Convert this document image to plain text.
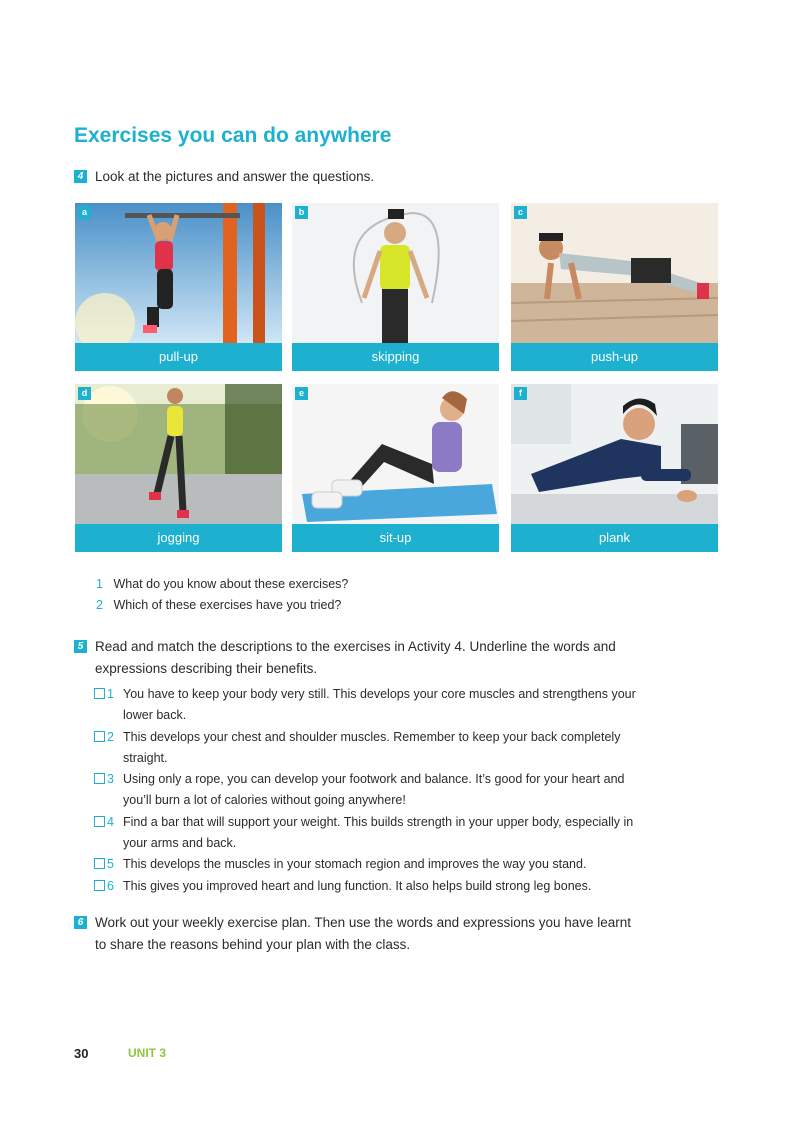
Exercises you can do anywhere
4 Look at the pictures and answer the questions.
a
pull-up
b
skipping
c
push-up
d
jogging
e
sit-up
f
plank
1 What do you know about these exercises?
2 Which of these exercises have you tried?
5 Read and match the descriptions to the exercises in Activity 4. Underline the words and expressions describing their benefits.
1 You have to keep your body very still. This develops your core muscles and strengthens your lower back.
2 This develops your chest and shoulder muscles. Remember to keep your back completely straight.
3 Using only a rope, you can develop your footwork and balance. It’s good for your heart and you’ll burn a lot of calories without going anywhere!
4 Find a bar that will support your weight. This builds strength in your upper body, especially in your arms and back.
5 This develops the muscles in your stomach region and improves the way you stand.
6 This gives you improved heart and lung function. It also helps build strong leg bones.
6 Work out your weekly exercise plan. Then use the words and expressions you have learnt to share the reasons behind your plan with the class.
30	UNIT 3
